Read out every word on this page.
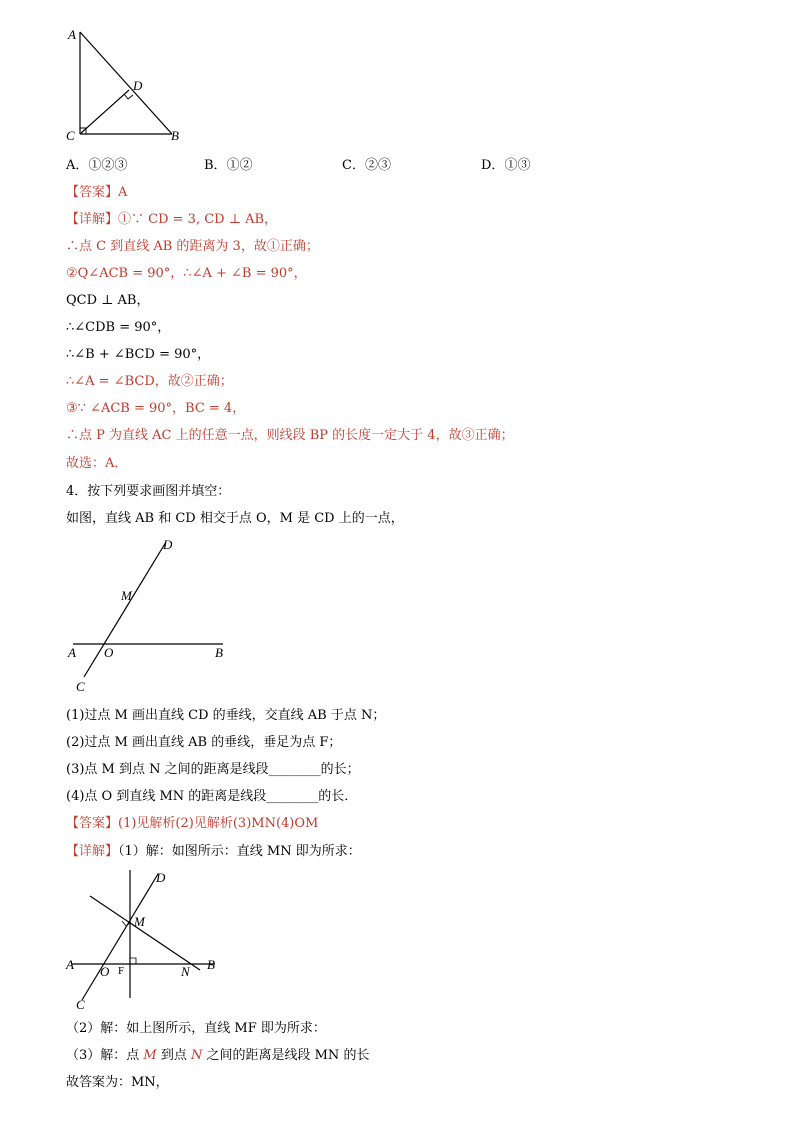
A
D
C	B
A．①②③	B．①②	C．②③	D．①③
【答案】A
【详解】①∵ CD = 3, CD ⊥ AB，
∴点 C 到直线 AB 的距离为 3，故①正确；
②Q∠ACB = 90°，∴∠A + ∠B = 90°，
QCD ⊥ AB，
∴∠CDB = 90°，
∴∠B + ∠BCD = 90°，
∴∠A = ∠BCD，故②正确；
③∵ ∠ACB = 90°，BC = 4，
∴点 P 为直线 AC 上的任意一点，则线段 BP 的长度一定大于 4，故③正确；
故选：A．
4．按下列要求画图并填空：
如图，直线 AB 和 CD 相交于点 O，M 是 CD 上的一点，
D
M
A O	B
C
(1)过点 M 画出直线 CD 的垂线，交直线 AB 于点 N；
(2)过点 M 画出直线 AB 的垂线，垂足为点 F；
(3)点 M 到点 N 之间的距离是线段________的长；
(4)点 O 到直线 MN 的距离是线段________的长．
【答案】(1)见解析(2)见解析(3)MN(4)OM
【详解】（1）解：如图所示：直线 MN 即为所求：
D
M
A O F	N B
C
（2）解：如上图所示，直线 MF 即为所求：
（3）解：点 M 到点 N 之间的距离是线段 MN 的长
故答案为：MN，
